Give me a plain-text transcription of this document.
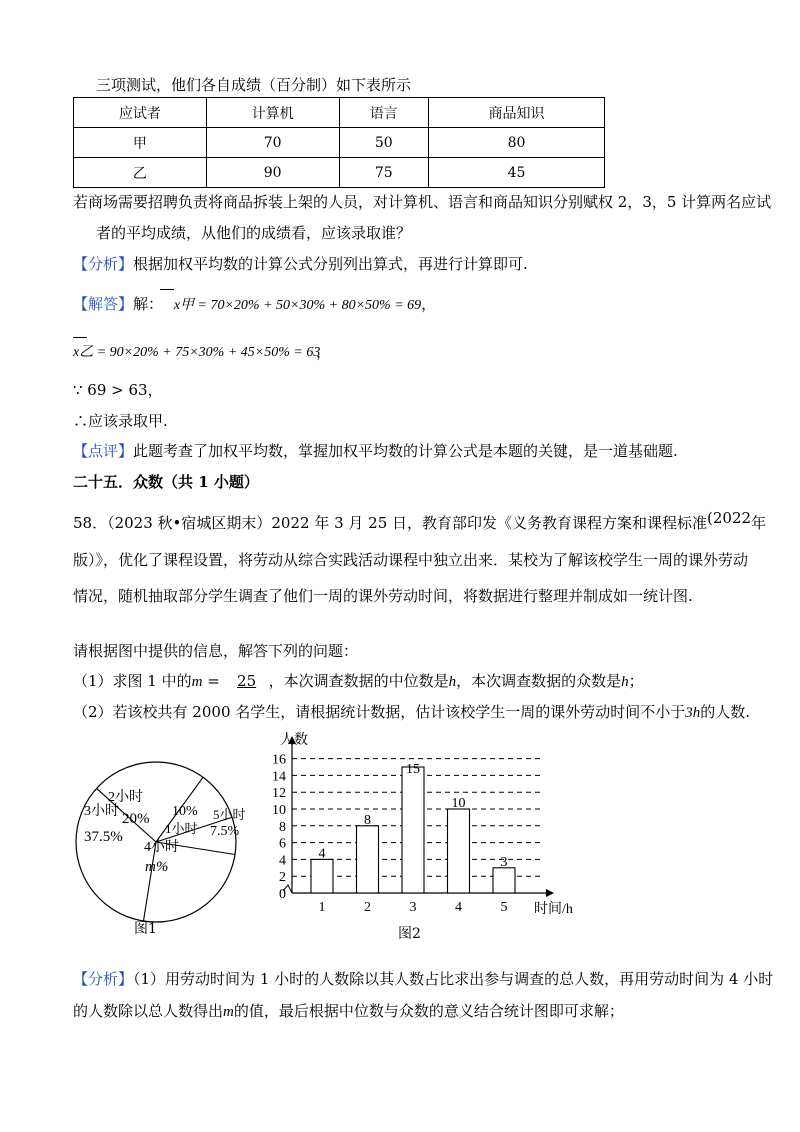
三项测试，他们各自成绩（百分制）如下表所示
应试者	计算机	语言	商品知识
甲	70	50	80
乙	90	75	45
若商场需要招聘负责将商品拆装上架的人员，对计算机、语言和商品知识分别赋权 2，3，5 计算两名应试
者的平均成绩，从他们的成绩看，应该录取谁？
【分析】根据加权平均数的计算公式分别列出算式，再进行计算即可.
【解答】解： x甲 = 70×20% + 50×30% + 80×50% = 69，
x乙 = 90×20% + 75×30% + 45×50% = 63
，
∵ 69 > 63，
∴应该录取甲.
【点评】此题考查了加权平均数，掌握加权平均数的计算公式是本题的关键，是一道基础题.
二十五．众数（共 1 小题）
58．（2023 秋•宿城区期末）2022 年 3 月 25 日，教育部印发《义务教育课程方案和课程标准(2022年
版）》，优化了课程设置，将劳动从综合实践活动课程中独立出来．某校为了解该校学生一周的课外劳动
情况，随机抽取部分学生调查了他们一周的课外劳动时间，将数据进行整理并制成如一统计图.
请根据图中提供的信息，解答下列的问题：
（1）求图 1 中的m = 25 ，本次调查数据的中位数是h，本次调查数据的众数是h；
（2）若该校共有 2000 名学生，请根据统计数据，估计该校学生一周的课外劳动时间不小于3h的人数.
2小时
20% 10%
1小时
5小时
7.5%
4小时
m%
3小时
37.5%
图1
0
2
4
6
8
10
12
14
16
4
8
15
10
3
1	2	3	4	5
人数
时间/h
图2
【分析】（1）用劳动时间为 1 小时的人数除以其人数占比求出参与调查的总人数，再用劳动时间为 4 小时
的人数除以总人数得出m的值，最后根据中位数与众数的意义结合统计图即可求解；
